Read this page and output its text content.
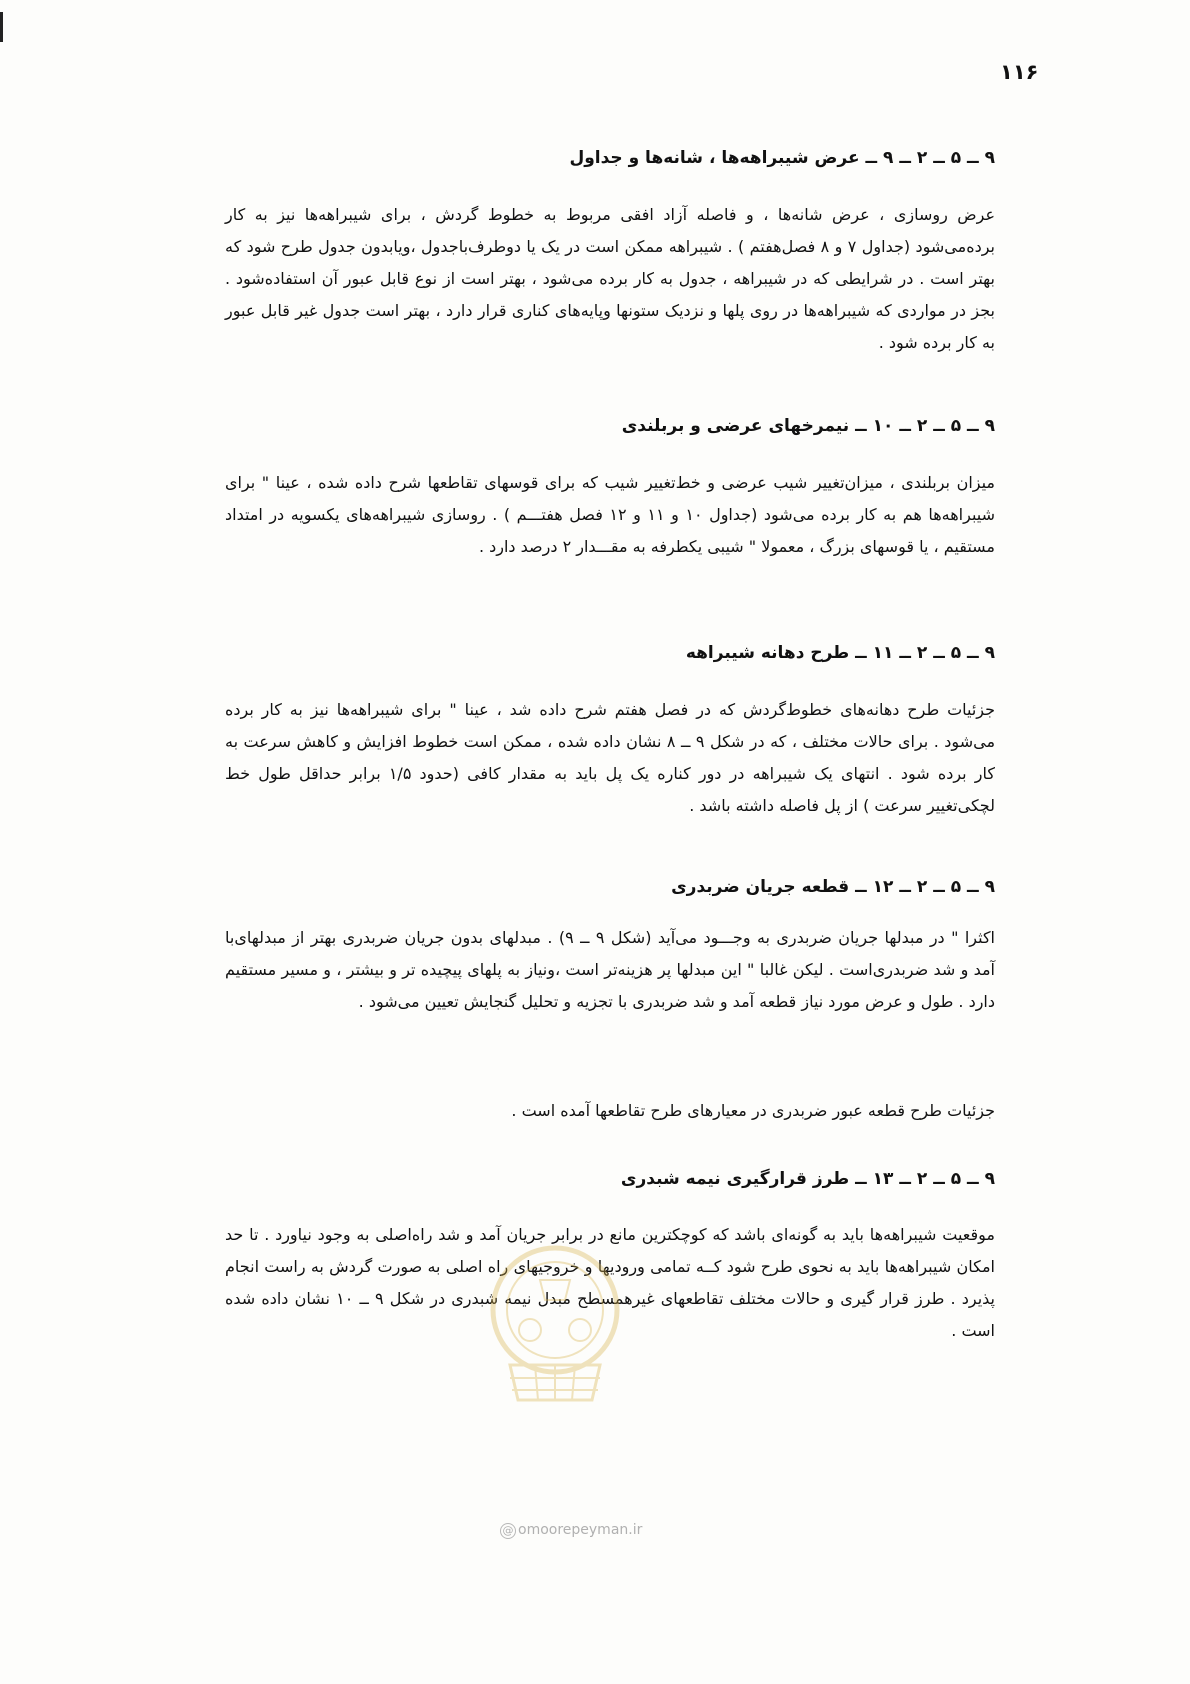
۱۱۶
۹ ــ ۵ ــ ۲ ــ ۹ ــ عرض شیبراهه‌ها ، شانه‌ها و جداول
عرض روسازی ، عرض شانه‌ها ، و فاصله آزاد افقی مربوط به خطوط گردش ، برای شیبراهه‌ها نیز به کار برده‌می‌شود (جداول ۷ و ۸ فصل‌هفتم ) . شیبراهه ممکن است در یک یا دوطرف‌باجدول ،ویابدون جدول طرح شود که بهتر است . در شرایطی که در شیبراهه ، جدول به کار برده می‌شود ، بهتر است از نوع قابل عبور آن استفاده‌شود . بجز در مواردی که شیبراهه‌ها در روی پلها و نزدیک ستونها وپایه‌های کناری قرار دارد ، بهتر است جدول غیر قابل عبور به کار برده شود .
۹ ــ ۵ ــ ۲ ــ ۱۰ ــ نیمرخهای عرضی و بربلندی
میزان بربلندی ، میزان‌تغییر شیب عرضی و خط‌تغییر شیب که برای قوسهای تقاطعها شرح داده شده ، عینا " برای شیبراهه‌ها هم به کار برده می‌شود (جداول ۱۰ و ۱۱ و ۱۲ فصل هفتـــم ) . روسازی شیبراهه‌های یکسویه در امتداد مستقیم ، یا قوسهای بزرگ ، معمولا " شیبی یکطرفه به مقـــدار ۲ درصد دارد .
۹ ــ ۵ ــ ۲ ــ ۱۱ ــ طرح دهانه شیبراهه
جزئیات طرح دهانه‌های خطوط‌گردش که در فصل هفتم شرح داده شد ، عینا " برای شیبراهه‌ها نیز به کار برده می‌شود . برای حالات مختلف ، که در شکل ۹ ــ ۸ نشان داده شده ، ممکن است خطوط افزایش و کاهش سرعت به کار برده شود . انتهای یک شیبراهه در دور کناره یک پل باید به مقدار کافی (حدود ۱/۵ برابر حداقل طول خط لچکی‌تغییر سرعت ) از پل فاصله داشته باشد .
۹ ــ ۵ ــ ۲ ــ ۱۲ ــ قطعه جریان ضربدری
اکثرا " در مبدلها جریان ضربدری به وجـــود می‌آید (شکل ۹ ــ ۹) . مبدلهای بدون جریان ضربدری بهتر از مبدلهای‌با آمد و شد ضربدری‌است . لیکن غالبا " این مبدلها پر هزینه‌تر است ،ونیاز به پلهای پیچیده تر و بیشتر ، و مسیر مستقیم دارد . طول و عرض مورد نیاز قطعه آمد و شد ضربدری با تجزیه و تحلیل گنجایش تعیین می‌شود .
جزئیات طرح قطعه عبور ضربدری در معیارهای طرح تقاطعها آمده است .
۹ ــ ۵ ــ ۲ ــ ۱۳ ــ طرز قرارگیری نیمه شبدری
موقعیت شیبراهه‌ها باید به گونه‌ای باشد که کوچکترین مانع در برابر جریان آمد و شد راه‌اصلی به وجود نیاورد . تا حد امکان شیبراهه‌ها باید به نحوی طرح شود کــه تمامی ورودیها و خروجیهای راه اصلی به صورت گردش به راست انجام پذیرد . طرز قرار گیری و حالات مختلف تقاطعهای غیرهمسطح مبدل نیمه شبدری در شکل ۹ ــ ۱۰ نشان داده شده است .
@ omoorepeyman.ir
